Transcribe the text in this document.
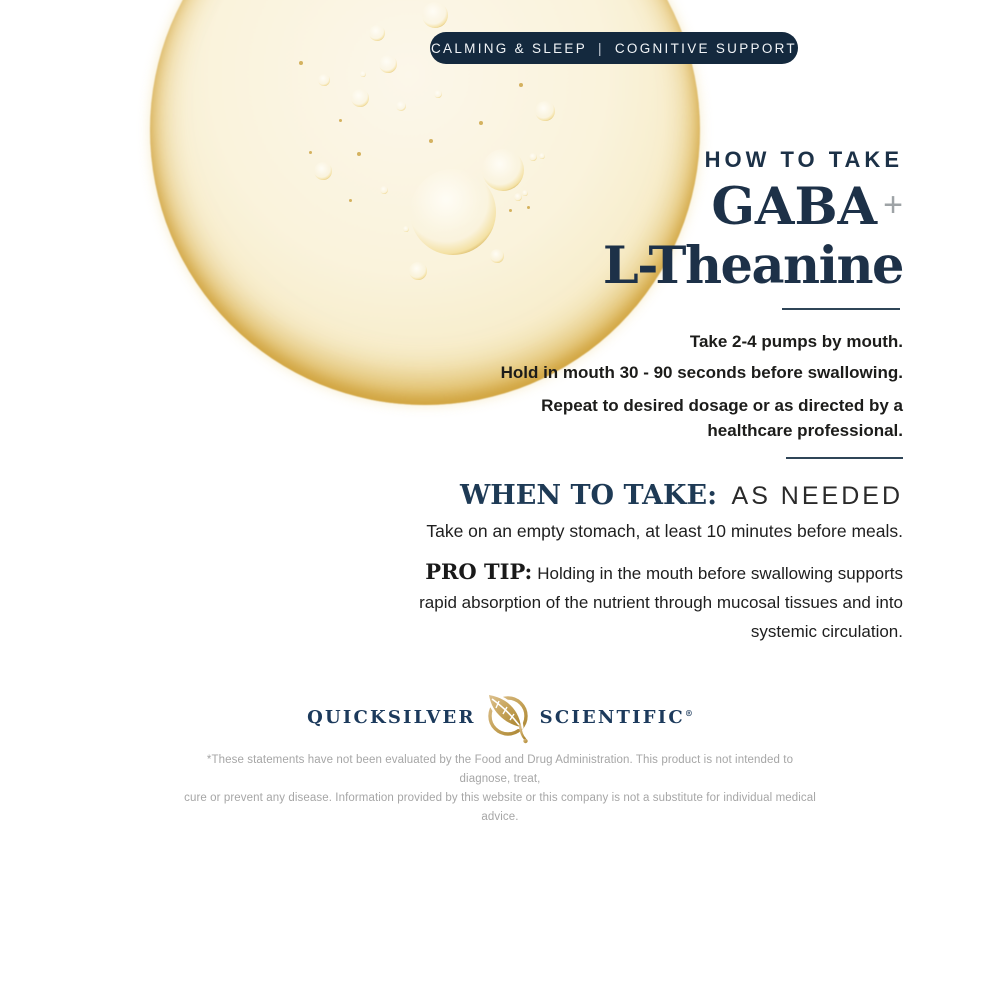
CALMING & SLEEP | COGNITIVE SUPPORT
HOW TO TAKE
GABA +
L-Theanine

Take 2-4 pumps by mouth.

Hold in mouth 30 - 90 seconds before swallowing.

Repeat to desired dosage or as directed by a healthcare professional.

WHEN TO TAKE: AS NEEDED

Take on an empty stomach, at least 10 minutes before meals.

PRO TIP: Holding in the mouth before swallowing supports rapid absorption of the nutrient through mucosal tissues and into systemic circulation.

QUICKSILVER	SCIENTIFIC®

*These statements have not been evaluated by the Food and Drug Administration. This product is not intended to diagnose, treat,
cure or prevent any disease. Information provided by this website or this company is not a substitute for individual medical advice.
